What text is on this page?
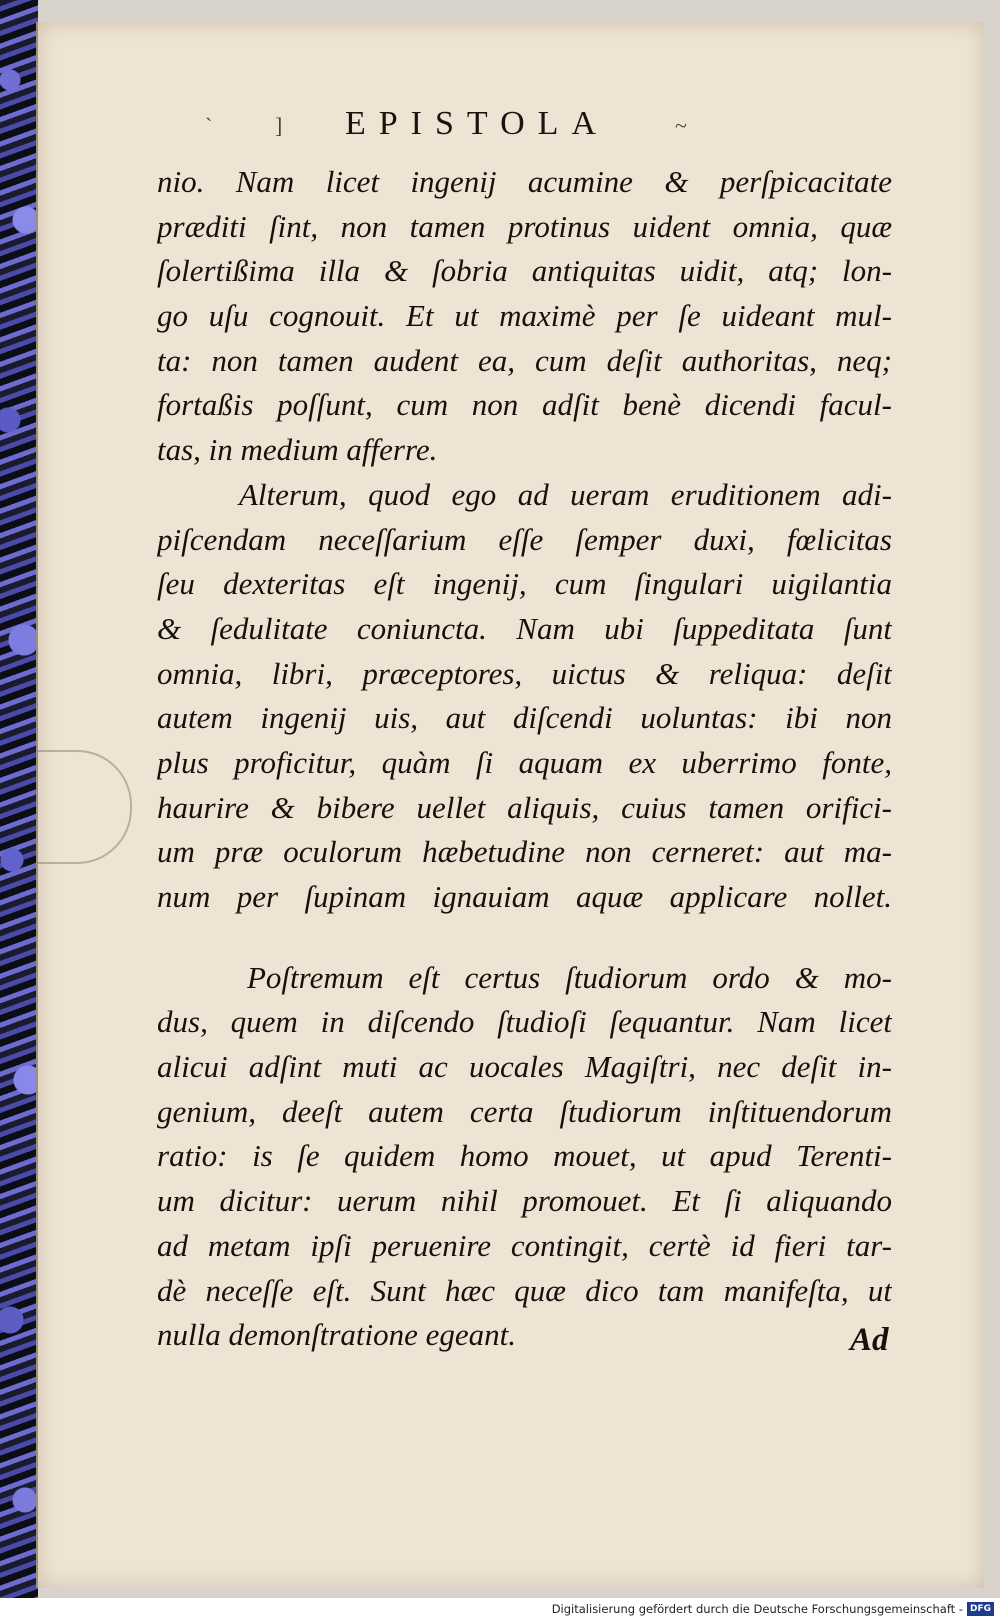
`	]	~
EPISTOLA
nio. Nam licet ingenij acumine & perſpicacitate
præditi ſint, non tamen protinus uident omnia, quæ
ſolertißima illa & ſobria antiquitas uidit, atq; lon-
go uſu cognouit. Et ut maximè per ſe uideant mul-
ta: non tamen audent ea, cum deſit authoritas, neq;
fortaßis poſſunt, cum non adſit benè dicendi facul-
tas, in medium afferre.
Alterum, quod ego ad ueram eruditionem adi-
piſcendam neceſſarium eſſe ſemper duxi, fœlicitas
ſeu dexteritas eſt ingenij, cum ſingulari uigilantia
& ſedulitate coniuncta. Nam ubi ſuppeditata ſunt
omnia, libri, præceptores, uictus & reliqua: deſit
autem ingenij uis, aut diſcendi uoluntas: ibi non
plus proficitur, quàm ſi aquam ex uberrimo fonte,
haurire & bibere uellet aliquis, cuius tamen orifici-
um præ oculorum hæbetudine non cerneret: aut ma-
num per ſupinam ignauiam aquæ applicare nollet.
Poſtremum eſt certus ſtudiorum ordo & mo-
dus, quem in diſcendo ſtudioſi ſequantur. Nam licet
alicui adſint muti ac uocales Magiſtri, nec deſit in-
genium, deeſt autem certa ſtudiorum inſtituendorum
ratio: is ſe quidem homo mouet, ut apud Terenti-
um dicitur: uerum nihil promouet. Et ſi aliquando
ad metam ipſi peruenire contingit, certè id fieri tar-
dè neceſſe eſt. Sunt hæc quæ dico tam manifeſta, ut
nulla demonſtratione egeant.	Ad
Digitalisierung gefördert durch die Deutsche Forschungsgemeinschaft - DFG
